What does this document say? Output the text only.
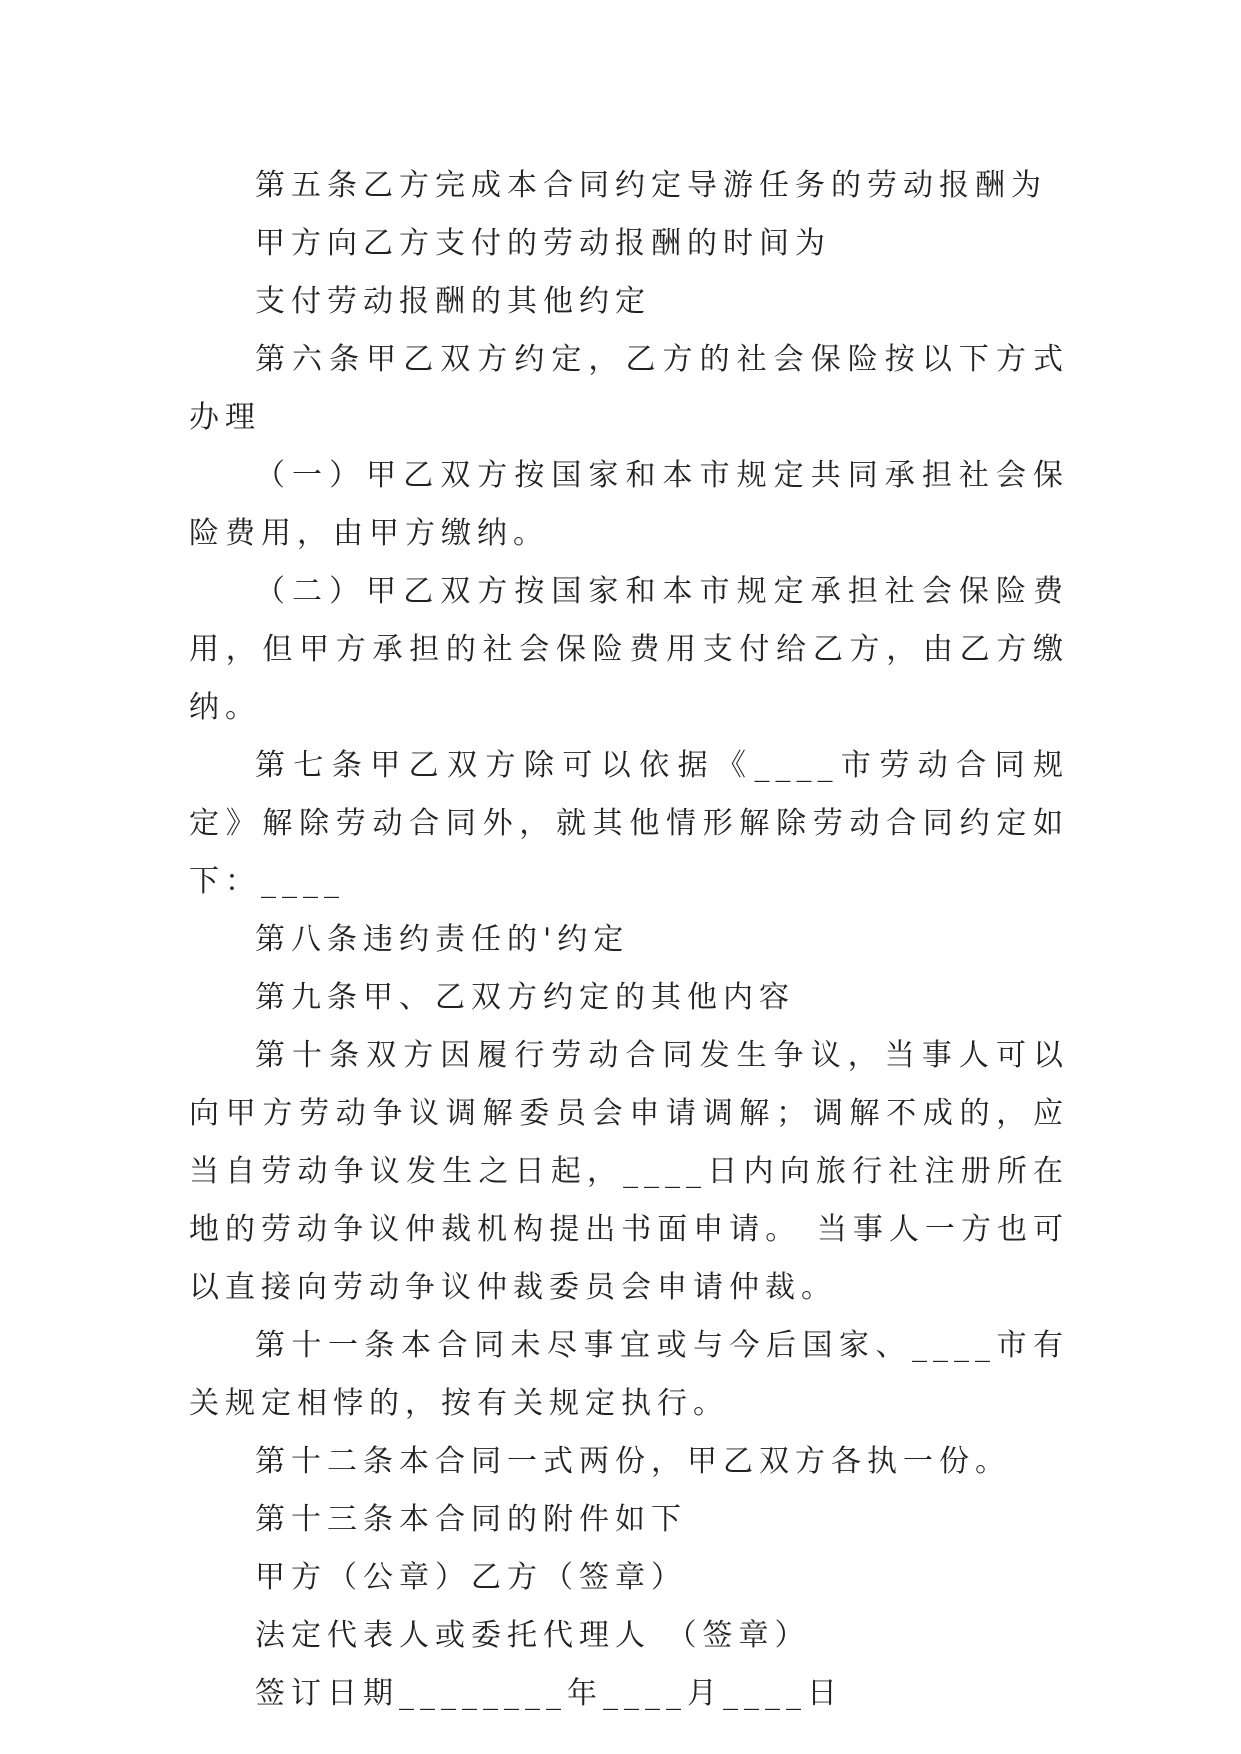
第五条乙方完成本合同约定导游任务的劳动报酬为

甲方向乙方支付的劳动报酬的时间为

支付劳动报酬的其他约定

第六条甲乙双方约定，乙方的社会保险按以下方式办理

（一）甲乙双方按国家和本市规定共同承担社会保险费用，由甲方缴纳。

（二）甲乙双方按国家和本市规定承担社会保险费用，但甲方承担的社会保险费用支付给乙方，由乙方缴纳。

第七条甲乙双方除可以依据《____市劳动合同规定》解除劳动合同外，就其他情形解除劳动合同约定如下：____

第八条违约责任的'约定

第九条甲、乙双方约定的其他内容

第十条双方因履行劳动合同发生争议，当事人可以向甲方劳动争议调解委员会申请调解；调解不成的，应当自劳动争议发生之日起，____日内向旅行社注册所在地的劳动争议仲裁机构提出书面申请。 当事人一方也可以直接向劳动争议仲裁委员会申请仲裁。

第十一条本合同未尽事宜或与今后国家、____市有关规定相悖的，按有关规定执行。

第十二条本合同一式两份，甲乙双方各执一份。

第十三条本合同的附件如下

甲方（公章）乙方（签章）

法定代表人或委托代理人 （签章）

签订日期________年____月____日
